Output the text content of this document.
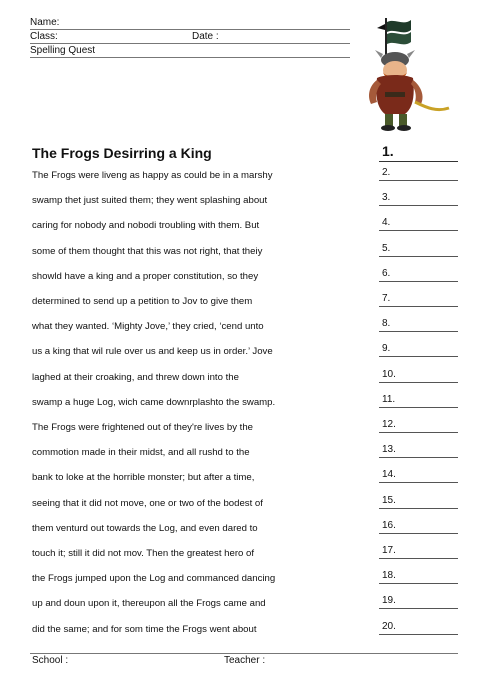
Name:
Class:	Date :
Spelling Quest
The Frogs Desirring a King
The Frogs were liveng as happy as could be in a marshy
swamp thet just suited them; they went splashing about
caring for nobody and nobodi troubling with them. But
some of them thought that this was not right, that theiy
showld have a king and a proper constitution, so they
determined to send up a petition to Jov to give them
what they wanted. ‘Mighty Jove,’ they cried, ‘cend unto
us a king that wil rule over us and keep us in order.’ Jove
laghed at their croaking, and threw down into the
swamp a huge Log, wich came downrplashto the swamp.
The Frogs were frightened out of they're lives by the
commotion made in their midst, and all rushd to the
bank to loke at the horrible monster; but after a time,
seeing that it did not move, one or two of the bodest of
them venturd out towards the Log, and even dared to
touch it; still it did not mov. Then the greatest hero of
the Frogs jumped upon the Log and commanced dancing
up and doun upon it, thereupon all the Frogs came and
did the same; and for som time the Frogs went about
1.
2.
3.
4.
5.
6.
7.
8.
9.
10.
11.
12.
13.
14.
15.
16.
17.
18.
19.
20.
School :	Teacher :
